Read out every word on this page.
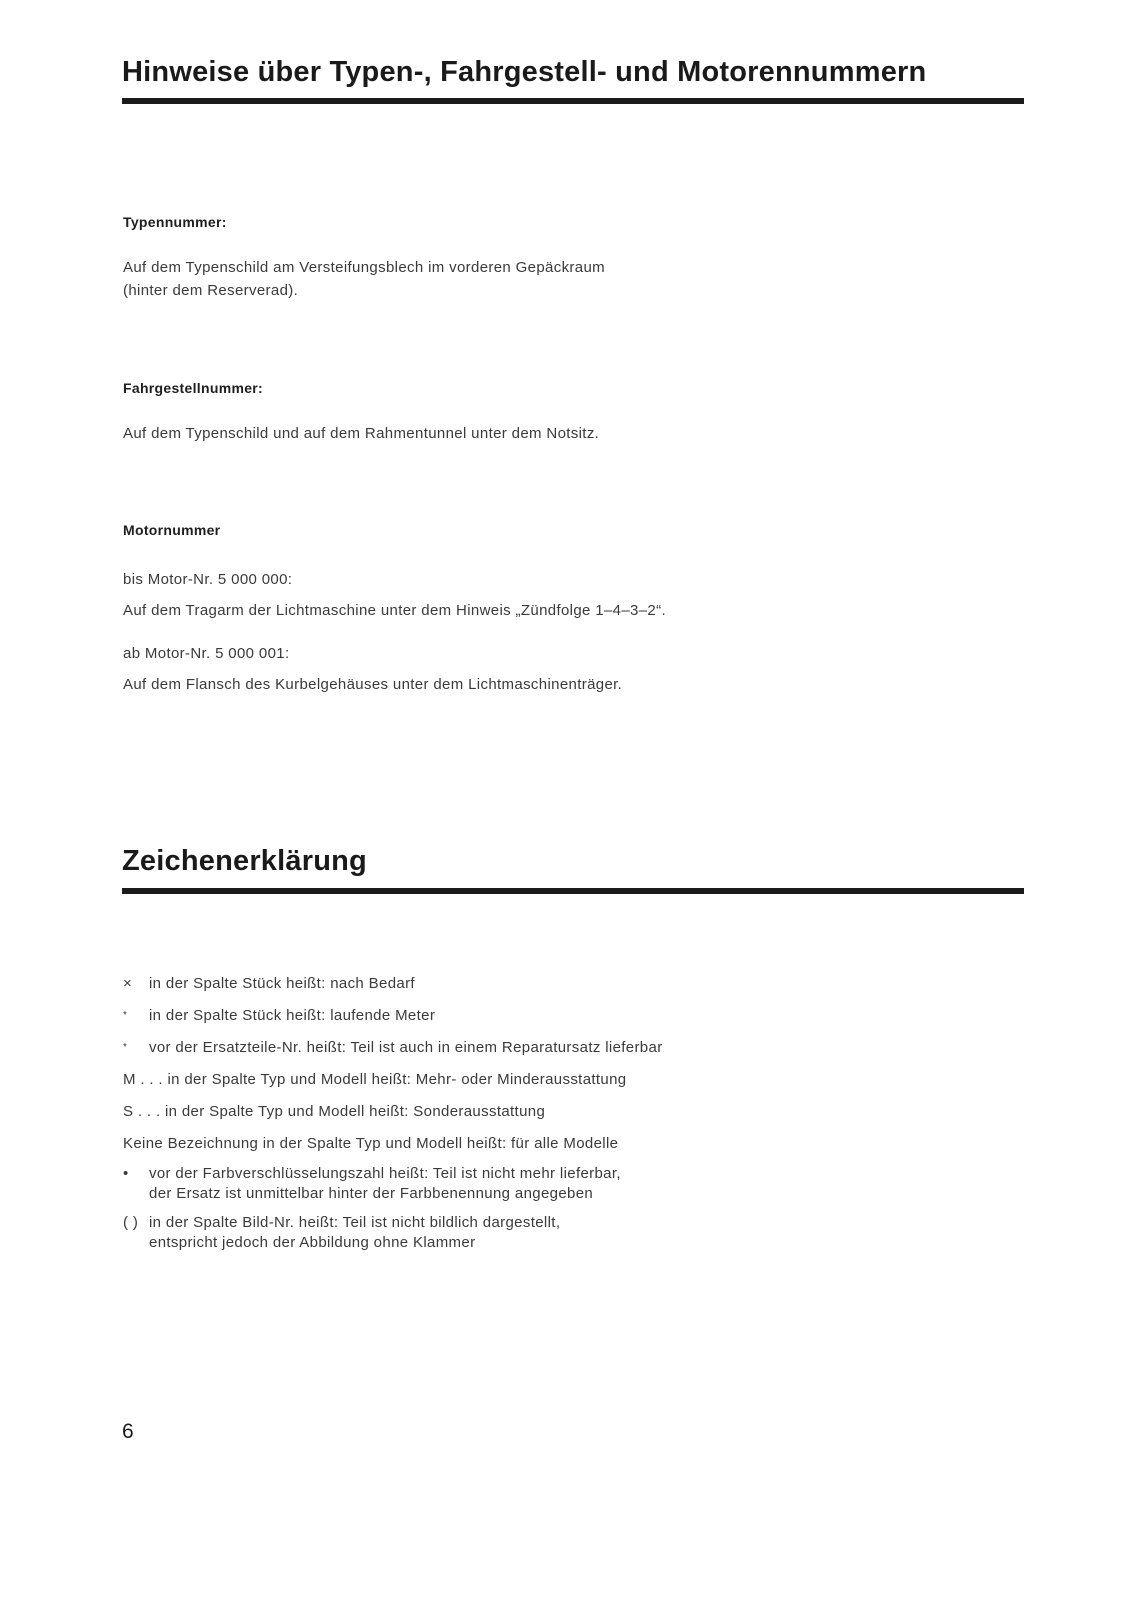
Hinweise über Typen-, Fahrgestell- und Motorennummern
Typennummer:
Auf dem Typenschild am Versteifungsblech im vorderen Gepäckraum
(hinter dem Reserverad).
Fahrgestellnummer:
Auf dem Typenschild und auf dem Rahmentunnel unter dem Notsitz.
Motornummer
bis Motor-Nr. 5 000 000:
Auf dem Tragarm der Lichtmaschine unter dem Hinweis „Zündfolge 1–4–3–2“.
ab Motor-Nr. 5 000 001:
Auf dem Flansch des Kurbelgehäuses unter dem Lichtmaschinenträger.
Zeichenerklärung
× in der Spalte Stück heißt: nach Bedarf
* in der Spalte Stück heißt: laufende Meter
* vor der Ersatzteile-Nr. heißt: Teil ist auch in einem Reparatursatz lieferbar
M . . . in der Spalte Typ und Modell heißt: Mehr- oder Minderausstattung
S . . . in der Spalte Typ und Modell heißt: Sonderausstattung
Keine Bezeichnung in der Spalte Typ und Modell heißt: für alle Modelle
• vor der Farbverschlüsselungszahl heißt: Teil ist nicht mehr lieferbar,
der Ersatz ist unmittelbar hinter der Farbbenennung angegeben
( ) in der Spalte Bild-Nr. heißt: Teil ist nicht bildlich dargestellt,
entspricht jedoch der Abbildung ohne Klammer
6
